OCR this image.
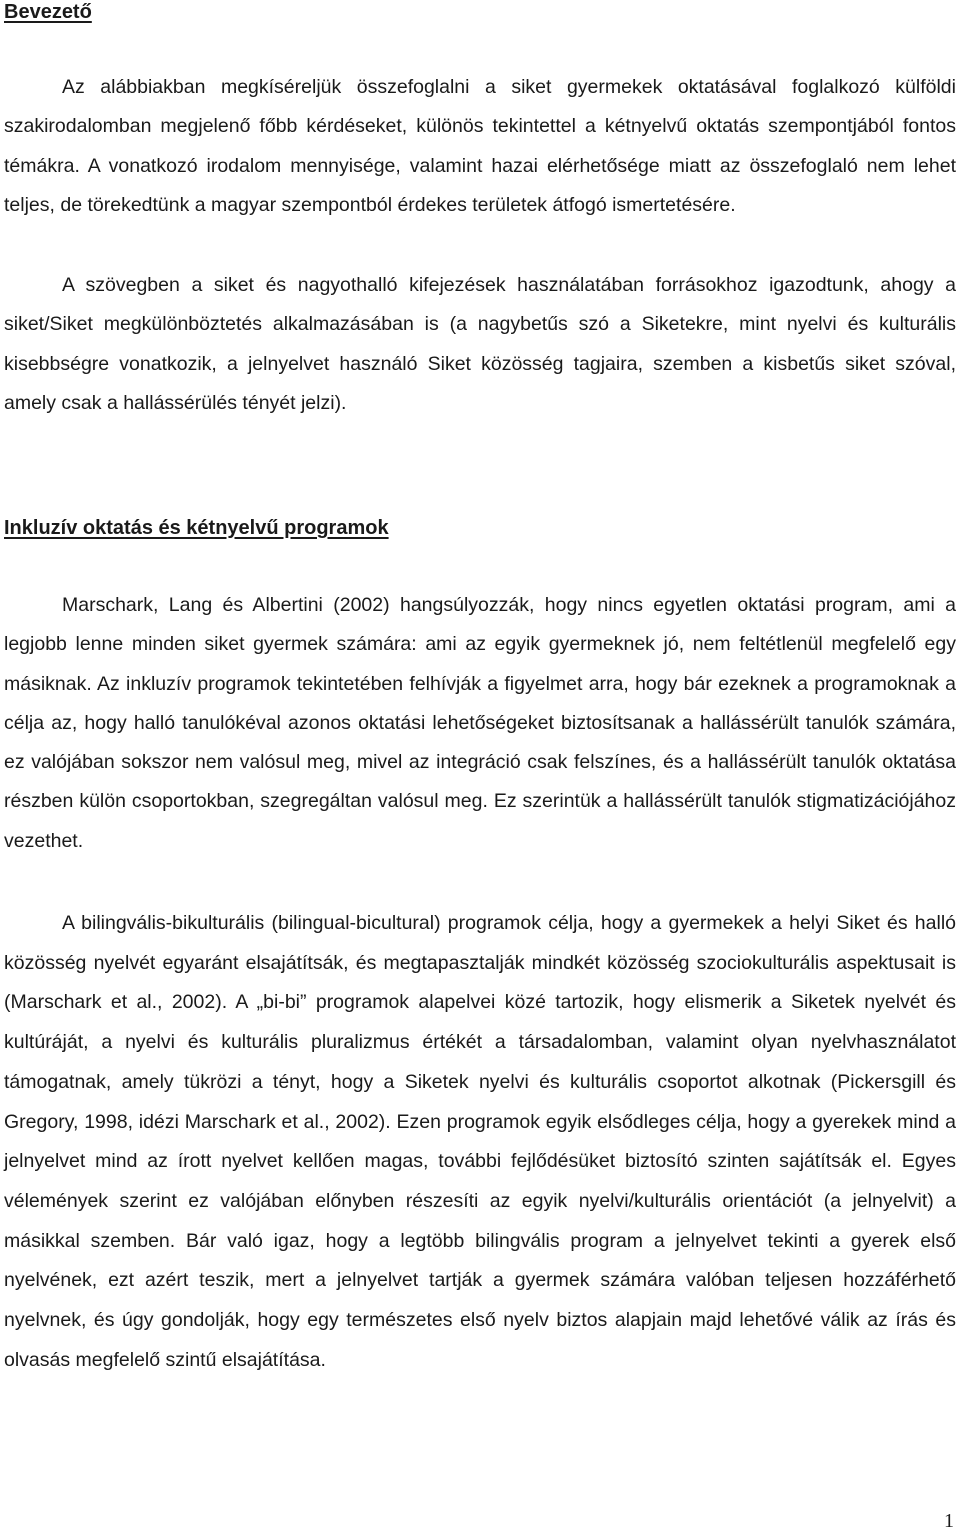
Bevezető

Az alábbiakban megkíséreljük összefoglalni a siket gyermekek oktatásával foglalkozó külföldi szakirodalomban megjelenő főbb kérdéseket, különös tekintettel a kétnyelvű oktatás szempontjából fontos témákra. A vonatkozó irodalom mennyisége, valamint hazai elérhetősége miatt az összefoglaló nem lehet teljes, de törekedtünk a magyar szempontból érdekes területek átfogó ismertetésére.

A szövegben a siket és nagyothalló kifejezések használatában forrásokhoz igazodtunk, ahogy a siket/Siket megkülönböztetés alkalmazásában is (a nagybetűs szó a Siketekre, mint nyelvi és kulturális kisebbségre vonatkozik, a jelnyelvet használó Siket közösség tagjaira, szemben a kisbetűs siket szóval, amely csak a hallássérülés tényét jelzi).

Inkluzív oktatás és kétnyelvű programok

Marschark, Lang és Albertini (2002) hangsúlyozzák, hogy nincs egyetlen oktatási program, ami a legjobb lenne minden siket gyermek számára: ami az egyik gyermeknek jó, nem feltétlenül megfelelő egy másiknak. Az inkluzív programok tekintetében felhívják a figyelmet arra, hogy bár ezeknek a programoknak a célja az, hogy halló tanulókéval azonos oktatási lehetőségeket biztosítsanak a hallássérült tanulók számára, ez valójában sokszor nem valósul meg, mivel az integráció csak felszínes, és a hallássérült tanulók oktatása részben külön csoportokban, szegregáltan valósul meg. Ez szerintük a hallássérült tanulók stigmatizációjához vezethet.

A bilingvális-bikulturális (bilingual-bicultural) programok célja, hogy a gyermekek a helyi Siket és halló közösség nyelvét egyaránt elsajátítsák, és megtapasztalják mindkét közösség szociokulturális aspektusait is (Marschark et al., 2002). A „bi-bi” programok alapelvei közé tartozik, hogy elismerik a Siketek nyelvét és kultúráját, a nyelvi és kulturális pluralizmus értékét a társadalomban, valamint olyan nyelvhasználatot támogatnak, amely tükrözi a tényt, hogy a Siketek nyelvi és kulturális csoportot alkotnak (Pickersgill és Gregory, 1998, idézi Marschark et al., 2002). Ezen programok egyik elsődleges célja, hogy a gyerekek mind a jelnyelvet mind az írott nyelvet kellően magas, további fejlődésüket biztosító szinten sajátítsák el. Egyes vélemények szerint ez valójában előnyben részesíti az egyik nyelvi/kulturális orientációt (a jelnyelvit) a másikkal szemben. Bár való igaz, hogy a legtöbb bilingvális program a jelnyelvet tekinti a gyerek első nyelvének, ezt azért teszik, mert a jelnyelvet tartják a gyermek számára valóban teljesen hozzáférhető nyelvnek, és úgy gondolják, hogy egy természetes első nyelv biztos alapjain majd lehetővé válik az írás és olvasás megfelelő szintű elsajátítása.

1
